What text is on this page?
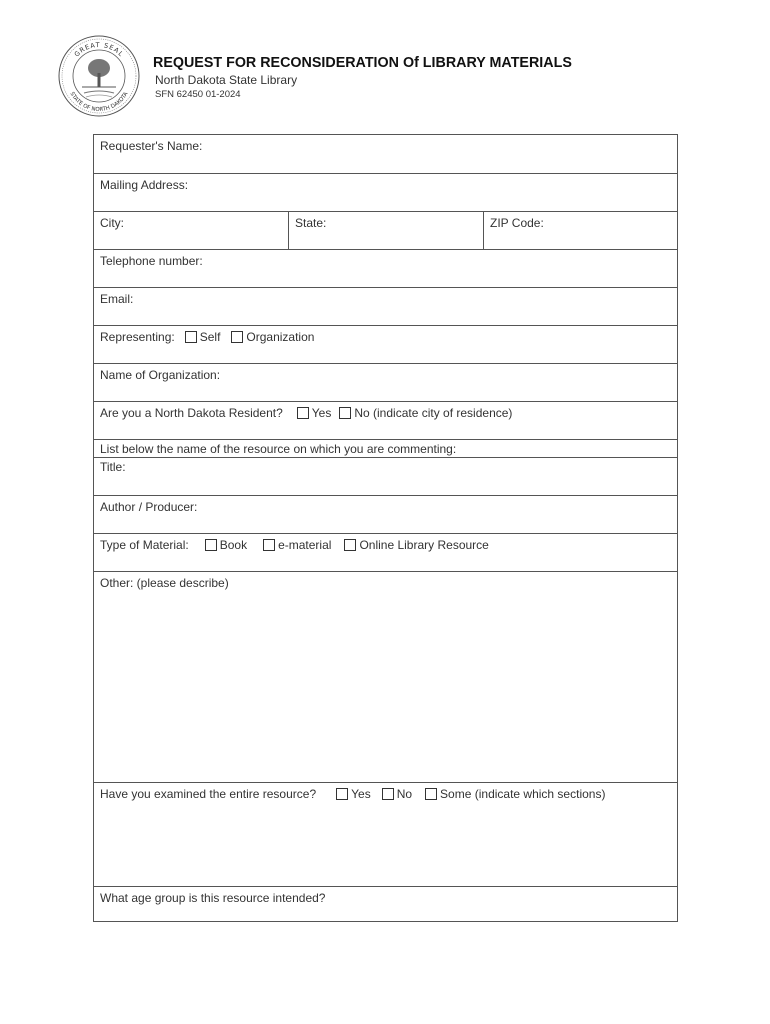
GREAT SEAL
STATE OF NORTH DAKOTA
REQUEST FOR RECONSIDERATION Of LIBRARY MATERIALS
North Dakota State Library
SFN 62450 01-2024
Requester's Name:
Mailing Address:
City:	State:	ZIP Code:
Telephone number:
Email:
Representing: Self Organization
Name of Organization:
Are you a North Dakota Resident? Yes No (indicate city of residence)
List below the name of the resource on which you are commenting:
Title:
Author / Producer:
Type of Material:	Book	e-material Online Library Resource
Other: (please describe)
Have you examined the entire resource?	Yes No Some (indicate which sections)
What age group is this resource intended?
